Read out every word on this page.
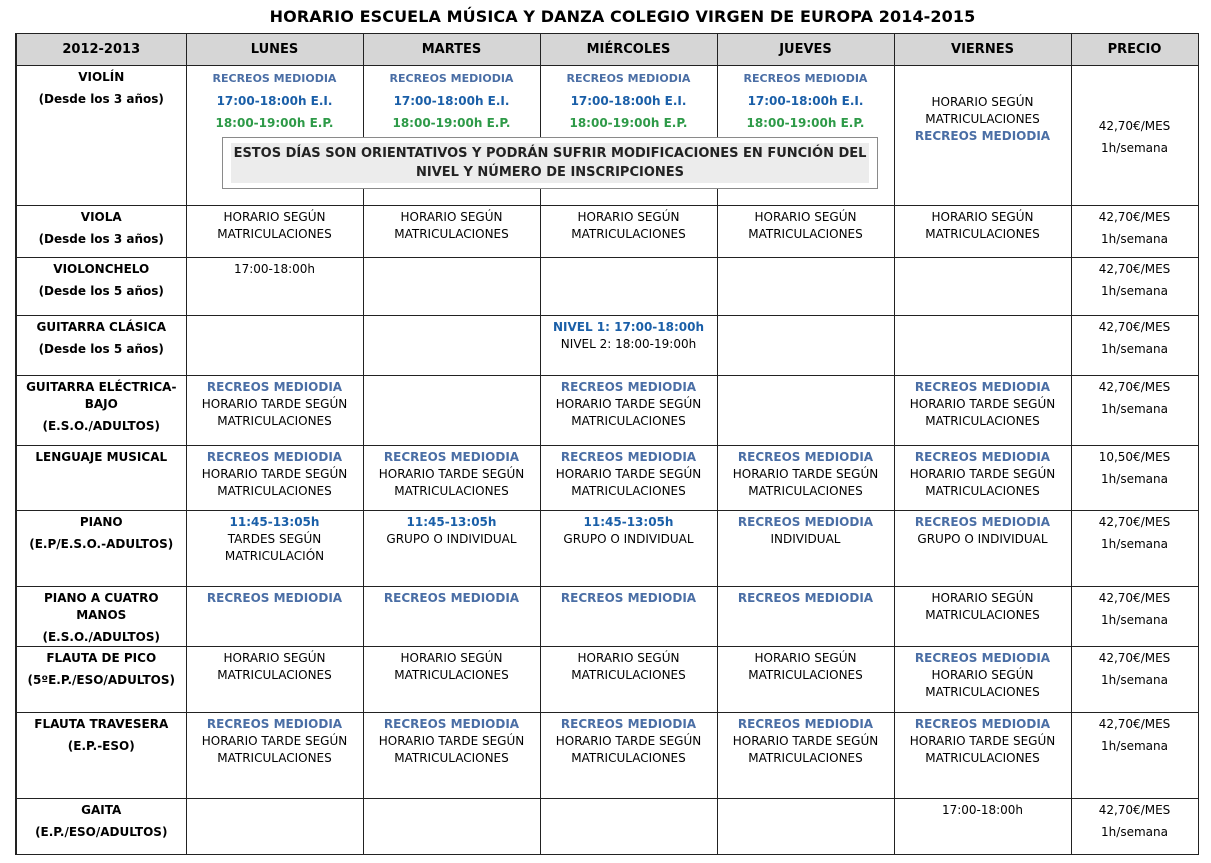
HORARIO ESCUELA MÚSICA Y DANZA COLEGIO VIRGEN DE EUROPA 2014-2015
2012-2013	LUNES	MARTES	MIÉRCOLES	JUEVES	VIERNES	PRECIO

VIOLÍN
(Desde los 3 años)	RECREOS MEDIODIA
17:00-18:00h E.I.
18:00-19:00h E.P.	RECREOS MEDIODIA
17:00-18:00h E.I.
18:00-19:00h E.P.	RECREOS MEDIODIA
17:00-18:00h E.I.
18:00-19:00h E.P.	RECREOS MEDIODIA
17:00-18:00h E.I.
18:00-19:00h E.P.	HORARIO SEGÚN
MATRICULACIONES
RECREOS MEDIODIA	42,70€/MES
1h/semana

VIOLA
(Desde los 3 años)	HORARIO SEGÚN
MATRICULACIONES	HORARIO SEGÚN
MATRICULACIONES	HORARIO SEGÚN
MATRICULACIONES	HORARIO SEGÚN
MATRICULACIONES	HORARIO SEGÚN
MATRICULACIONES	42,70€/MES
1h/semana

VIOLONCHELO
(Desde los 5 años)	17:00-18:00h					42,70€/MES
1h/semana

GUITARRA CLÁSICA
(Desde los 5 años)			NIVEL 1: 17:00-18:00h
NIVEL 2: 18:00-19:00h			42,70€/MES
1h/semana

GUITARRA ELÉCTRICA-BAJO
(E.S.O./ADULTOS)	RECREOS MEDIODIA
HORARIO TARDE SEGÚN
MATRICULACIONES		RECREOS MEDIODIA
HORARIO TARDE SEGÚN
MATRICULACIONES		RECREOS MEDIODIA
HORARIO TARDE SEGÚN
MATRICULACIONES	42,70€/MES
1h/semana

LENGUAJE MUSICAL	RECREOS MEDIODIA
HORARIO TARDE SEGÚN
MATRICULACIONES	RECREOS MEDIODIA
HORARIO TARDE SEGÚN
MATRICULACIONES	RECREOS MEDIODIA
HORARIO TARDE SEGÚN
MATRICULACIONES	RECREOS MEDIODIA
HORARIO TARDE SEGÚN
MATRICULACIONES	RECREOS MEDIODIA
HORARIO TARDE SEGÚN
MATRICULACIONES	10,50€/MES
1h/semana

PIANO
(E.P/E.S.O.-ADULTOS)	11:45-13:05h
TARDES SEGÚN
MATRICULACIÓN	11:45-13:05h
GRUPO O INDIVIDUAL	11:45-13:05h
GRUPO O INDIVIDUAL	RECREOS MEDIODIA
INDIVIDUAL	RECREOS MEDIODIA
GRUPO O INDIVIDUAL	42,70€/MES
1h/semana

PIANO A CUATRO MANOS
(E.S.O./ADULTOS)	RECREOS MEDIODIA	RECREOS MEDIODIA	RECREOS MEDIODIA	RECREOS MEDIODIA	HORARIO SEGÚN
MATRICULACIONES	42,70€/MES
1h/semana

FLAUTA DE PICO
(5ºE.P./ESO/ADULTOS)	HORARIO SEGÚN
MATRICULACIONES	HORARIO SEGÚN
MATRICULACIONES	HORARIO SEGÚN
MATRICULACIONES	HORARIO SEGÚN
MATRICULACIONES	RECREOS MEDIODIA
HORARIO SEGÚN
MATRICULACIONES	42,70€/MES
1h/semana

FLAUTA TRAVESERA
(E.P.-ESO)	RECREOS MEDIODIA
HORARIO TARDE SEGÚN
MATRICULACIONES	RECREOS MEDIODIA
HORARIO TARDE SEGÚN
MATRICULACIONES	RECREOS MEDIODIA
HORARIO TARDE SEGÚN
MATRICULACIONES	RECREOS MEDIODIA
HORARIO TARDE SEGÚN
MATRICULACIONES	RECREOS MEDIODIA
HORARIO TARDE SEGÚN
MATRICULACIONES	42,70€/MES
1h/semana

GAITA
(E.P./ESO/ADULTOS)					17:00-18:00h	42,70€/MES
1h/semana
ESTOS DÍAS SON ORIENTATIVOS Y PODRÁN SUFRIR MODIFICACIONES EN FUNCIÓN DEL NIVEL Y NÚMERO DE INSCRIPCIONES
